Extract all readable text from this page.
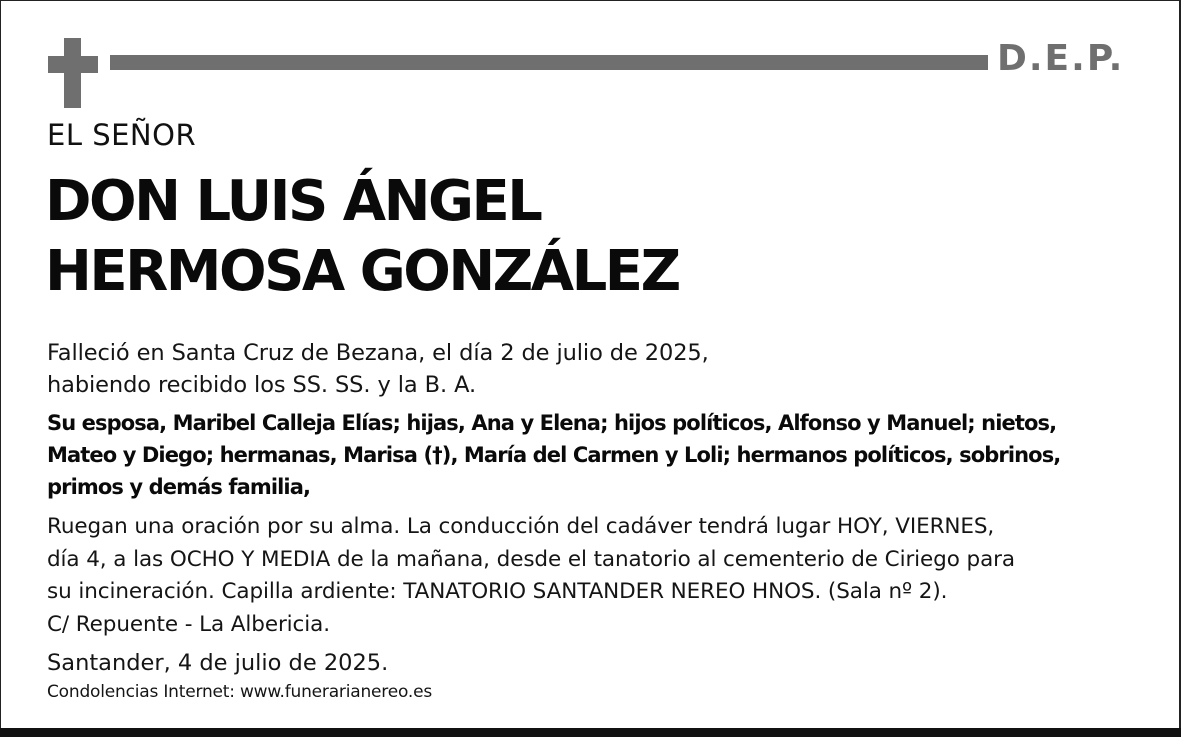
D.E.P.
EL SEÑOR
DON LUIS ÁNGEL
HERMOSA GONZÁLEZ
Falleció en Santa Cruz de Bezana, el día 2 de julio de 2025,
habiendo recibido los SS. SS. y la B. A.
Su esposa, Maribel Calleja Elías; hijas, Ana y Elena; hijos políticos, Alfonso y Manuel; nietos,
Mateo y Diego; hermanas, Marisa (†), María del Carmen y Loli; hermanos políticos, sobrinos,
primos y demás familia,
Ruegan una oración por su alma. La conducción del cadáver tendrá lugar HOY, VIERNES,
día 4, a las OCHO Y MEDIA de la mañana, desde el tanatorio al cementerio de Ciriego para
su incineración. Capilla ardiente: TANATORIO SANTANDER NEREO HNOS. (Sala nº 2).
C/ Repuente - La Albericia.
Santander, 4 de julio de 2025.
Condolencias Internet: www.funerarianereo.es
